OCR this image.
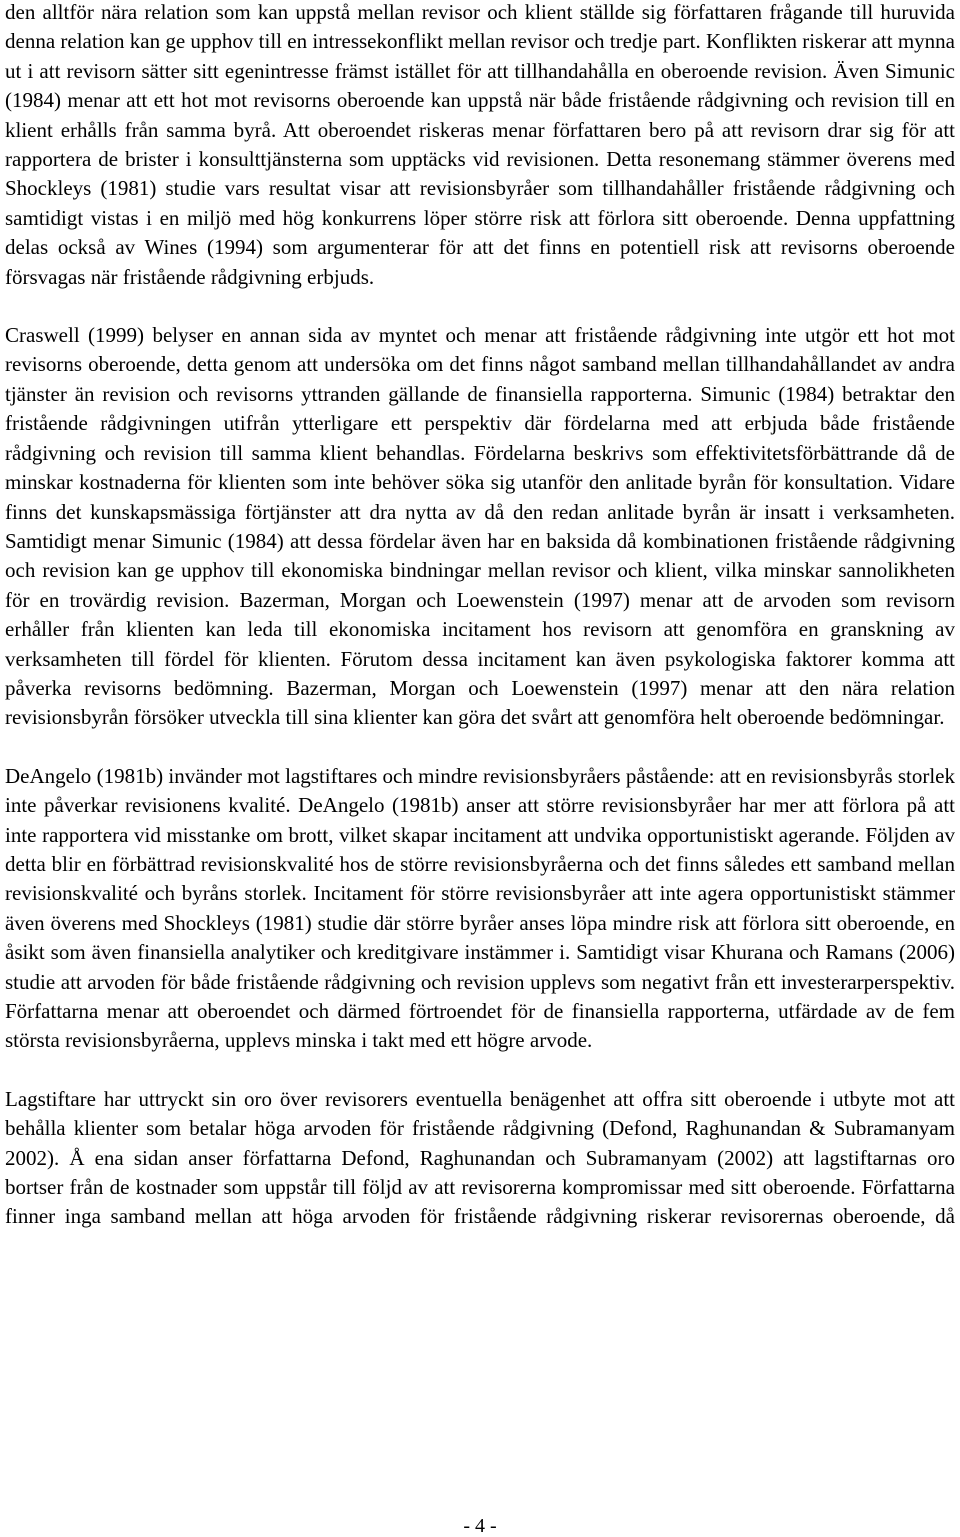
den alltför nära relation som kan uppstå mellan revisor och klient ställde sig författaren frågande till huruvida denna relation kan ge upphov till en intressekonflikt mellan revisor och tredje part. Konflikten riskerar att mynna ut i att revisorn sätter sitt egenintresse främst istället för att tillhandahålla en oberoende revision. Även Simunic (1984) menar att ett hot mot revisorns oberoende kan uppstå när både fristående rådgivning och revision till en klient erhålls från samma byrå. Att oberoendet riskeras menar författaren bero på att revisorn drar sig för att rapportera de brister i konsulttjänsterna som upptäcks vid revisionen. Detta resonemang stämmer överens med Shockleys (1981) studie vars resultat visar att revisionsbyråer som tillhandahåller fristående rådgivning och samtidigt vistas i en miljö med hög konkurrens löper större risk att förlora sitt oberoende. Denna uppfattning delas också av Wines (1994) som argumenterar för att det finns en potentiell risk att revisorns oberoende försvagas när fristående rådgivning erbjuds.

Craswell (1999) belyser en annan sida av myntet och menar att fristående rådgivning inte utgör ett hot mot revisorns oberoende, detta genom att undersöka om det finns något samband mellan tillhandahållandet av andra tjänster än revision och revisorns yttranden gällande de finansiella rapporterna. Simunic (1984) betraktar den fristående rådgivningen utifrån ytterligare ett perspektiv där fördelarna med att erbjuda både fristående rådgivning och revision till samma klient behandlas. Fördelarna beskrivs som effektivitetsförbättrande då de minskar kostnaderna för klienten som inte behöver söka sig utanför den anlitade byrån för konsultation. Vidare finns det kunskapsmässiga förtjänster att dra nytta av då den redan anlitade byrån är insatt i verksamheten. Samtidigt menar Simunic (1984) att dessa fördelar även har en baksida då kombinationen fristående rådgivning och revision kan ge upphov till ekonomiska bindningar mellan revisor och klient, vilka minskar sannolikheten för en trovärdig revision. Bazerman, Morgan och Loewenstein (1997) menar att de arvoden som revisorn erhåller från klienten kan leda till ekonomiska incitament hos revisorn att genomföra en granskning av verksamheten till fördel för klienten. Förutom dessa incitament kan även psykologiska faktorer komma att påverka revisorns bedömning. Bazerman, Morgan och Loewenstein (1997) menar att den nära relation revisionsbyrån försöker utveckla till sina klienter kan göra det svårt att genomföra helt oberoende bedömningar.

DeAngelo (1981b) invänder mot lagstiftares och mindre revisionsbyråers påstående: att en revisionsbyrås storlek inte påverkar revisionens kvalité. DeAngelo (1981b) anser att större revisionsbyråer har mer att förlora på att inte rapportera vid misstanke om brott, vilket skapar incitament att undvika opportunistiskt agerande. Följden av detta blir en förbättrad revisionskvalité hos de större revisionsbyråerna och det finns således ett samband mellan revisionskvalité och byråns storlek. Incitament för större revisionsbyråer att inte agera opportunistiskt stämmer även överens med Shockleys (1981) studie där större byråer anses löpa mindre risk att förlora sitt oberoende, en åsikt som även finansiella analytiker och kreditgivare instämmer i. Samtidigt visar Khurana och Ramans (2006) studie att arvoden för både fristående rådgivning och revision upplevs som negativt från ett investerarperspektiv. Författarna menar att oberoendet och därmed förtroendet för de finansiella rapporterna, utfärdade av de fem största revisionsbyråerna, upplevs minska i takt med ett högre arvode.

Lagstiftare har uttryckt sin oro över revisorers eventuella benägenhet att offra sitt oberoende i utbyte mot att behålla klienter som betalar höga arvoden för fristående rådgivning (Defond, Raghunandan & Subramanyam 2002). Å ena sidan anser författarna Defond, Raghunandan och Subramanyam (2002) att lagstiftarnas oro bortser från de kostnader som uppstår till följd av att revisorerna kompromissar med sitt oberoende. Författarna finner inga samband mellan att höga arvoden för fristående rådgivning riskerar revisorernas oberoende, då

- 4 -
